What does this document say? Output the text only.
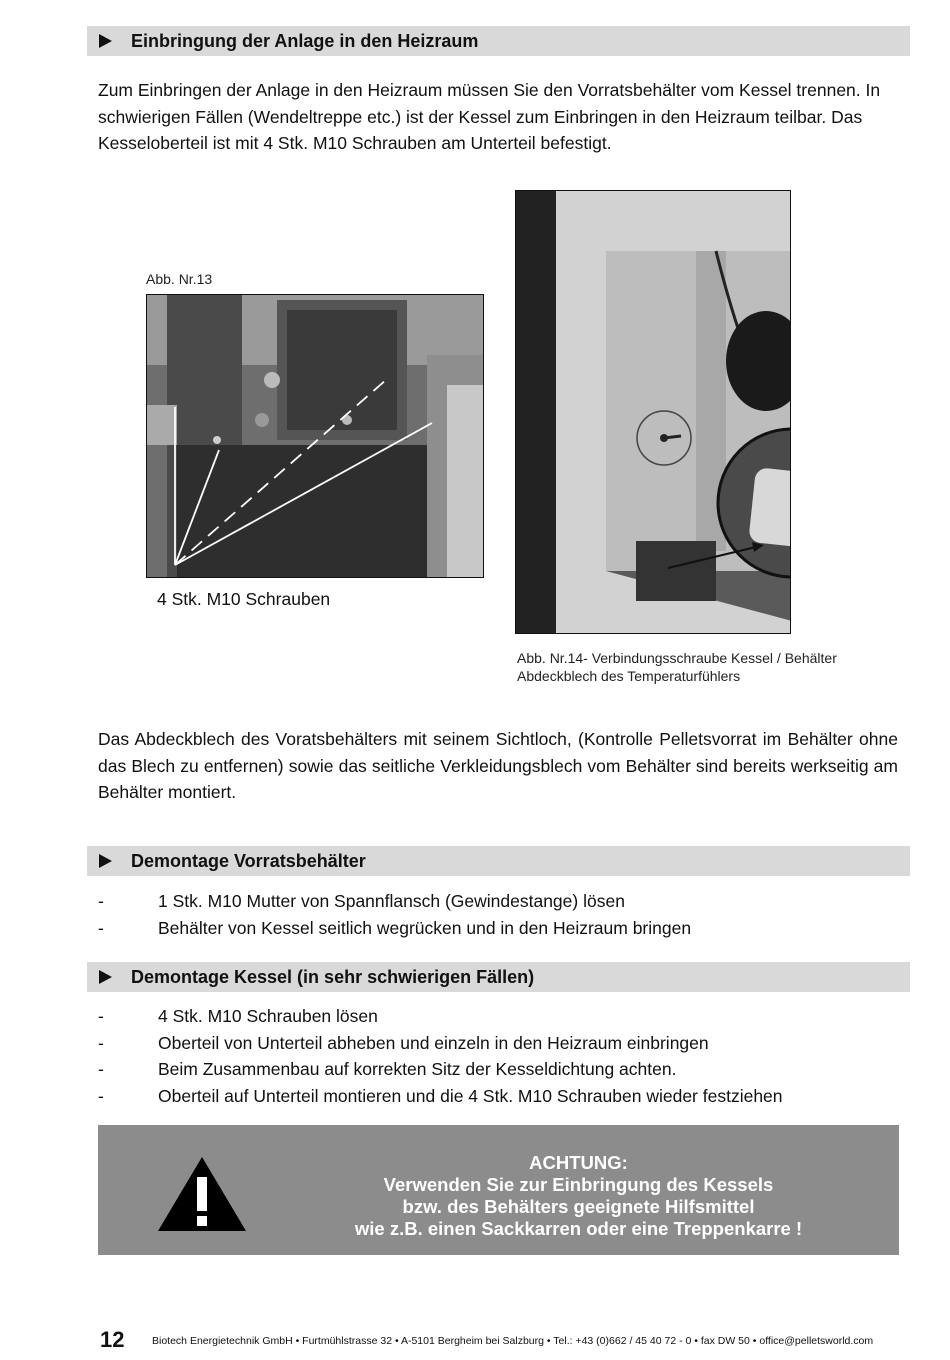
Einbringung der Anlage in den Heizraum

Zum Einbringen der Anlage in den Heizraum müssen Sie den Vorratsbehälter vom Kessel trennen. In schwierigen Fällen (Wendeltreppe etc.) ist der Kessel zum Einbringen in den Heizraum teilbar. Das Kesseloberteil ist mit 4 Stk. M10 Schrauben am Unterteil befestigt.

Abb. Nr.13
4 Stk. M10 Schrauben
Abb. Nr.14- Verbindungsschraube Kessel / Behälter
Abdeckblech des Temperaturfühlers

Das Abdeckblech des Voratsbehälters mit seinem Sichtloch, (Kontrolle Pelletsvorrat im Behälter ohne das Blech zu entfernen) sowie das seitliche Verkleidungsblech vom Behälter sind bereits werkseitig am Behälter montiert.

Demontage Vorratsbehälter
-	1 Stk. M10 Mutter von Spannflansch (Gewindestange) lösen
-	Behälter von Kessel seitlich wegrücken und in den Heizraum bringen
Demontage Kessel (in sehr schwierigen Fällen)
-	4 Stk. M10 Schrauben lösen
-	Oberteil von Unterteil abheben und einzeln in den Heizraum einbringen
-	Beim Zusammenbau auf korrekten Sitz der Kesseldichtung achten.
-	Oberteil auf Unterteil montieren und die 4 Stk. M10 Schrauben wieder festziehen
ACHTUNG:
Verwenden Sie zur Einbringung des Kessels
bzw. des Behälters geeignete Hilfsmittel
wie z.B. einen Sackkarren oder eine Treppenkarre !
12	Biotech Energietechnik GmbH • Furtmühlstrasse 32 • A-5101 Bergheim bei Salzburg • Tel.: +43 (0)662 / 45 40 72 - 0 • fax DW 50 • office@pelletsworld.com
